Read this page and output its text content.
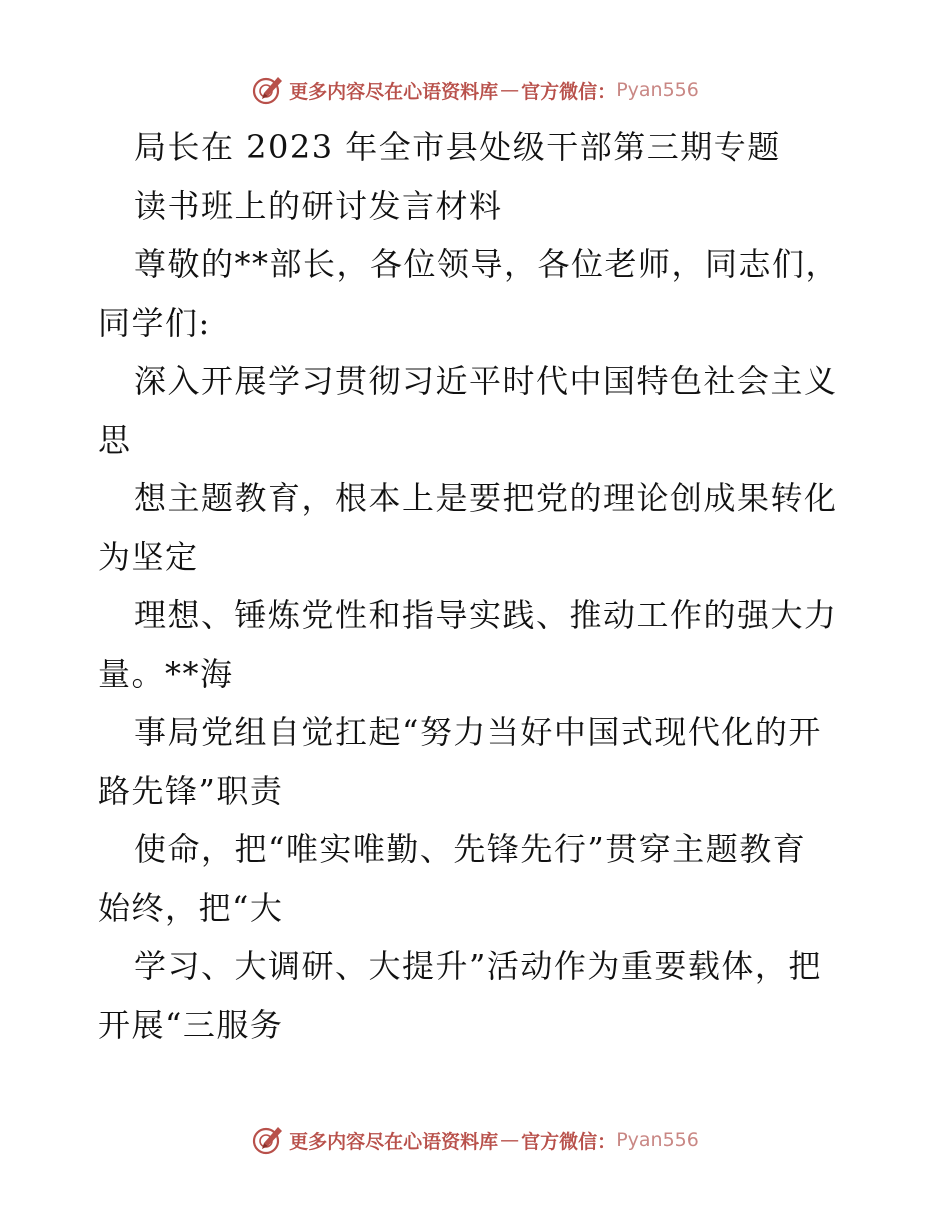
更多内容尽在心语资料库 — 官方微信： Pyan556
局长在 2023 年全市县处级干部第三期专题
读书班上的研讨发言材料
尊敬的**部长，各位领导，各位老师，同志们，
同学们:
深入开展学习贯彻习近平时代中国特色社会主义
思
想主题教育，根本上是要把党的理论创成果转化
为坚定
理想、锤炼党性和指导实践、推动工作的强大力
量。**海
事局党组自觉扛起“努力当好中国式现代化的开
路先锋”职责
使命，把“唯实唯勤、先锋先行”贯穿主题教育
始终，把“大
学习、大调研、大提升”活动作为重要载体，把
开展“三服务
更多内容尽在心语资料库 — 官方微信： Pyan556
